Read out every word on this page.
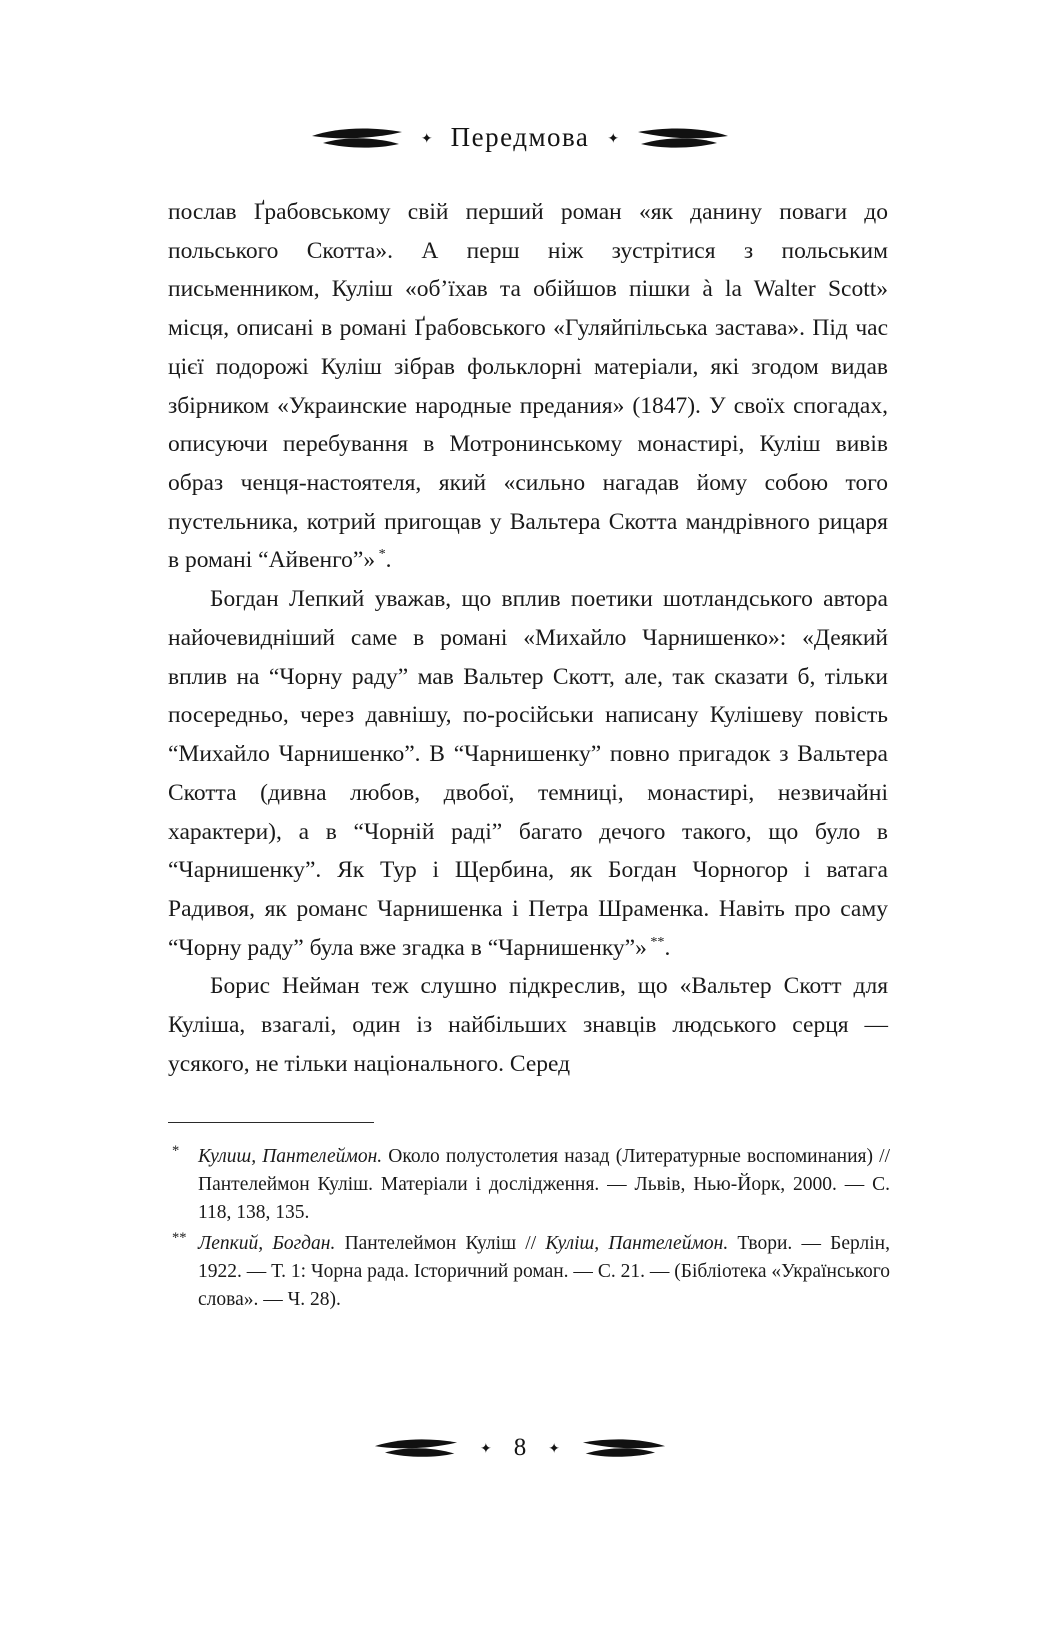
✦ Передмова ✦

послав Ґрабовському свій перший роман «як данину поваги до польського Скотта». А перш ніж зустрітися з польським письменником, Куліш «об’їхав та обійшов пішки à la Walter Scott» місця, описані в романі Ґрабовського «Гуляйпільська застава». Під час цієї подорожі Куліш зібрав фольклорні матеріали, які згодом видав збірником «Украинские народные предания» (1847). У своїх спогадах, описуючи перебування в Мотронинському монастирі, Куліш вивів образ ченця-настоятеля, який «сильно нагадав йому собою того пустельника, котрий пригощав у Вальтера Скотта мандрівного рицаря в романі “Айвенго”» *.

Богдан Лепкий уважав, що вплив поетики шотландського автора найочевидніший саме в романі «Михайло Чарнишенко»: «Деякий вплив на “Чорну раду” мав Вальтер Скотт, але, так сказати б, тільки посередньо, через давнішу, по-російськи написану Кулішеву повість “Михайло Чарнишенко”. В “Чарнишенку” повно пригадок з Вальтера Скотта (дивна любов, двобої, темниці, монастирі, незвичайні характери), а в “Чорній раді” багато дечого такого, що було в “Чарнишенку”. Як Тур і Щербина, як Богдан Чорногор і ватага Радивоя, як романс Чарнишенка і Петра Шраменка. Навіть про саму “Чорну раду” була вже згадка в “Чарнишенку”» **.

Борис Нейман теж слушно підкреслив, що «Вальтер Скотт для Куліша, взагалі, один із найбільших знавців людського серця — усякого, не тільки національного. Серед

* Кулиш, Пантелеймон. Около полустолетия назад (Литературные воспоминания) // Пантелеймон Куліш. Матеріали і дослідження. — Львів, Нью-Йорк, 2000. — С. 118, 138, 135.
** Лепкий, Богдан. Пантелеймон Куліш // Куліш, Пантелеймон. Твори. — Берлін, 1922. — Т. 1: Чорна рада. Історичний роман. — С. 21. — (Бібліотека «Українського слова». — Ч. 28).
✦ 8 ✦
